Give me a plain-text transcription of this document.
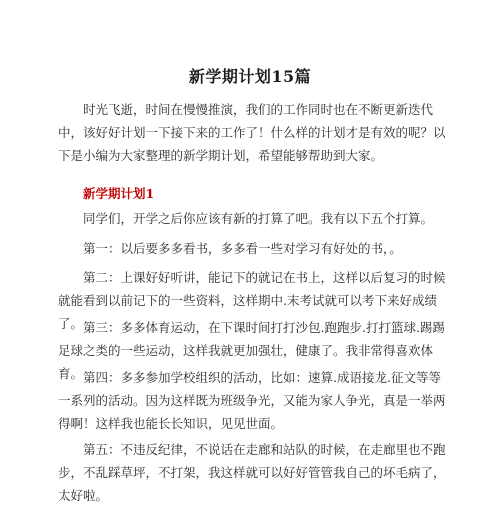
新学期计划15篇
时光飞逝，时间在慢慢推演，我们的工作同时也在不断更新迭代中，该好好计划一下接下来的工作了！什么样的计划才是有效的呢？以下是小编为大家整理的新学期计划，希望能够帮助到大家。
新学期计划1
同学们，开学之后你应该有新的打算了吧。我有以下五个打算。
第一：以后要多多看书，多多看一些对学习有好处的书，。
第二：上课好好听讲，能记下的就记在书上，这样以后复习的时候就能看到以前记下的一些资料，这样期中.末考试就可以考下来好成绩了。 第三：多多体育运动，在下课时间打打沙包.跑跑步.打打篮球.踢踢足球之类的一些运动，这样我就更加强壮，健康了。我非常得喜欢体育。 第四：多多参加学校组织的活动，比如：速算.成语接龙.征文等等一系列的活动。因为这样既为班级争光，又能为家人争光，真是一举两得啊！这样我也能长长知识，见见世面。
第五：不违反纪律，不说话在走廊和站队的时候，在走廊里也不跑步，不乱踩草坪，不打架，我这样就可以好好管管我自己的坏毛病了，太好啦。
